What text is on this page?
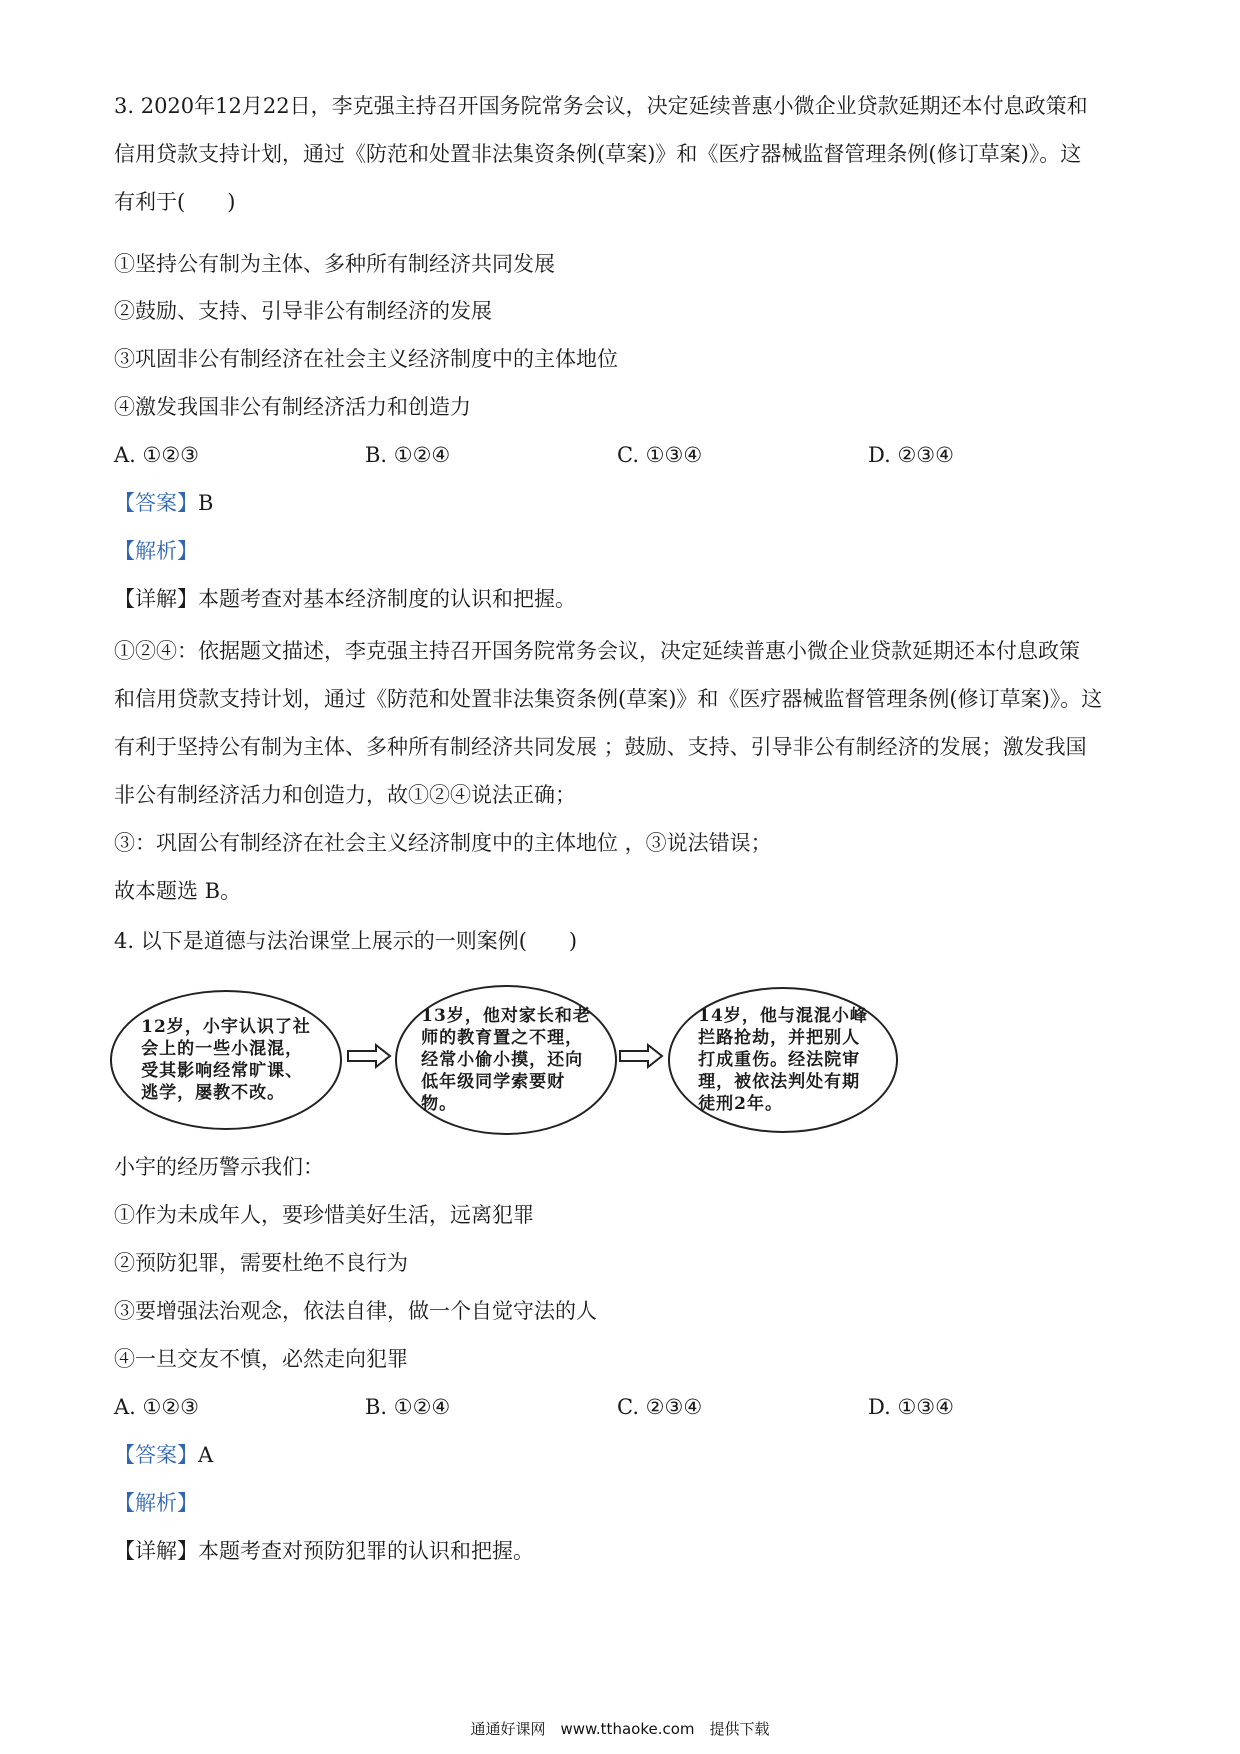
3. 2020年12月22日，李克强主持召开国务院常务会议，决定延续普惠小微企业贷款延期还本付息政策和
信用贷款支持计划，通过《防范和处置非法集资条例(草案)》和《医疗器械监督管理条例(修订草案)》。这
有利于(　　)
①坚持公有制为主体、多种所有制经济共同发展
②鼓励、支持、引导非公有制经济的发展
③巩固非公有制经济在社会主义经济制度中的主体地位
④激发我国非公有制经济活力和创造力
A. ①②③	B. ①②④	C. ①③④	D. ②③④
【答案】B
【解析】
【详解】本题考查对基本经济制度的认识和把握。
①②④：依据题文描述，李克强主持召开国务院常务会议，决定延续普惠小微企业贷款延期还本付息政策
和信用贷款支持计划，通过《防范和处置非法集资条例(草案)》和《医疗器械监督管理条例(修订草案)》。这
有利于坚持公有制为主体、多种所有制经济共同发展 ；鼓励、支持、引导非公有制经济的发展；激发我国
非公有制经济活力和创造力，故①②④说法正确；
③：巩固公有制经济在社会主义经济制度中的主体地位 ，③说法错误；
故本题选 B。
4. 以下是道德与法治课堂上展示的一则案例(　　)
12岁，小宇认识了社
会上的一些小混混，
受其影响经常旷课、
逃学，屡教不改。
13岁，他对家长和老
师的教育置之不理，
经常小偷小摸，还向
低年级同学索要财
物。
14岁，他与混混小峰
拦路抢劫，并把别人
打成重伤。经法院审
理，被依法判处有期
徒刑2年。
小宇的经历警示我们：
①作为未成年人，要珍惜美好生活，远离犯罪
②预防犯罪，需要杜绝不良行为
③要增强法治观念，依法自律，做一个自觉守法的人
④一旦交友不慎，必然走向犯罪
A. ①②③	B. ①②④	C. ②③④	D. ①③④
【答案】A
【解析】
【详解】本题考查对预防犯罪的认识和把握。
通通好课网　www.tthaoke.com　提供下载
